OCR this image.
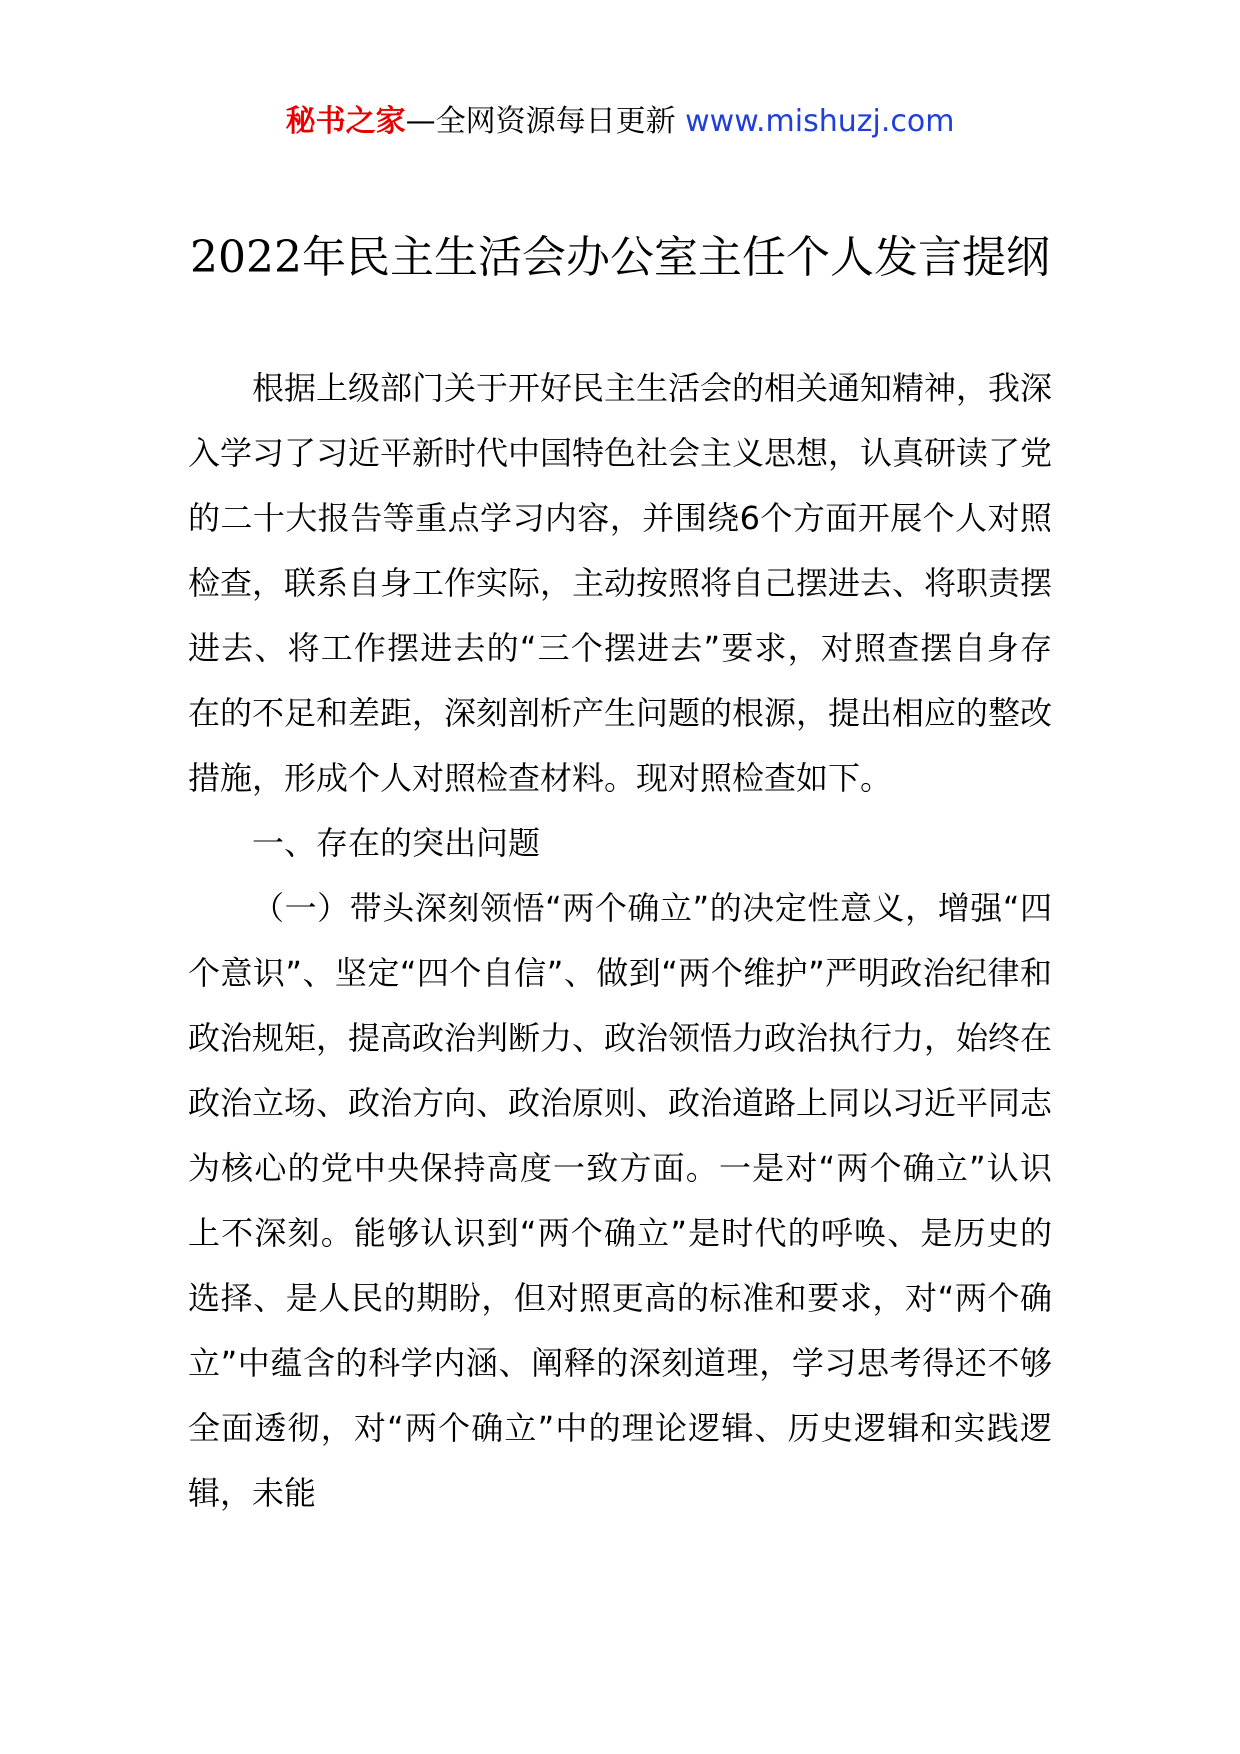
秘书之家—全网资源每日更新 www.mishuzj.com
2022年民主生活会办公室主任个人发言提纲

根据上级部门关于开好民主生活会的相关通知精神，我深入学习了习近平新时代中国特色社会主义思想，认真研读了党的二十大报告等重点学习内容，并围绕6个方面开展个人对照检查，联系自身工作实际，主动按照将自己摆进去、将职责摆进去、将工作摆进去的“三个摆进去”要求，对照查摆自身存在的不足和差距，深刻剖析产生问题的根源，提出相应的整改措施，形成个人对照检查材料。现对照检查如下。

一、存在的突出问题

（一）带头深刻领悟“两个确立”的决定性意义，增强“四个意识”、坚定“四个自信”、做到“两个维护”严明政治纪律和政治规矩，提高政治判断力、政治领悟力政治执行力，始终在政治立场、政治方向、政治原则、政治道路上同以习近平同志为核心的党中央保持高度一致方面。一是对“两个确立”认识上不深刻。能够认识到“两个确立”是时代的呼唤、是历史的选择、是人民的期盼，但对照更高的标准和要求，对“两个确立”中蕴含的科学内涵、阐释的深刻道理，学习思考得还不够全面透彻，对“两个确立”中的理论逻辑、历史逻辑和实践逻辑，未能
